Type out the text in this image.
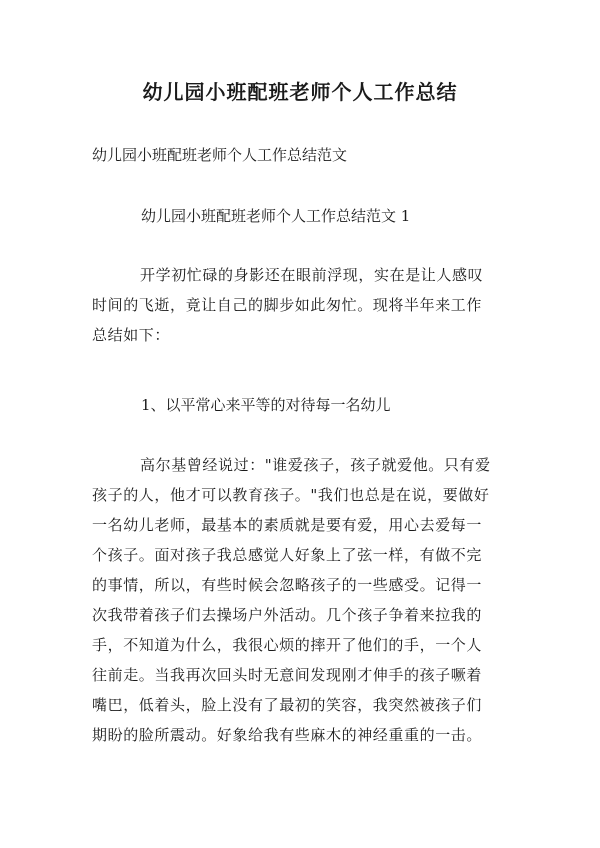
幼儿园小班配班老师个人工作总结

幼儿园小班配班老师个人工作总结范文

幼儿园小班配班老师个人工作总结范文 1

开学初忙碌的身影还在眼前浮现，实在是让人感叹
时间的飞逝，竟让自己的脚步如此匆忙。现将半年来工作
总结如下：

1、以平常心来平等的对待每一名幼儿

高尔基曾经说过："谁爱孩子，孩子就爱他。只有爱
孩子的人，他才可以教育孩子。"我们也总是在说，要做好
一名幼儿老师，最基本的素质就是要有爱，用心去爱每一
个孩子。面对孩子我总感觉人好象上了弦一样，有做不完
的事情，所以，有些时候会忽略孩子的一些感受。记得一
次我带着孩子们去操场户外活动。几个孩子争着来拉我的
手，不知道为什么，我很心烦的摔开了他们的手，一个人
往前走。当我再次回头时无意间发现刚才伸手的孩子噘着
嘴巴，低着头，脸上没有了最初的笑容，我突然被孩子们
期盼的脸所震动。好象给我有些麻木的神经重重的一击。
